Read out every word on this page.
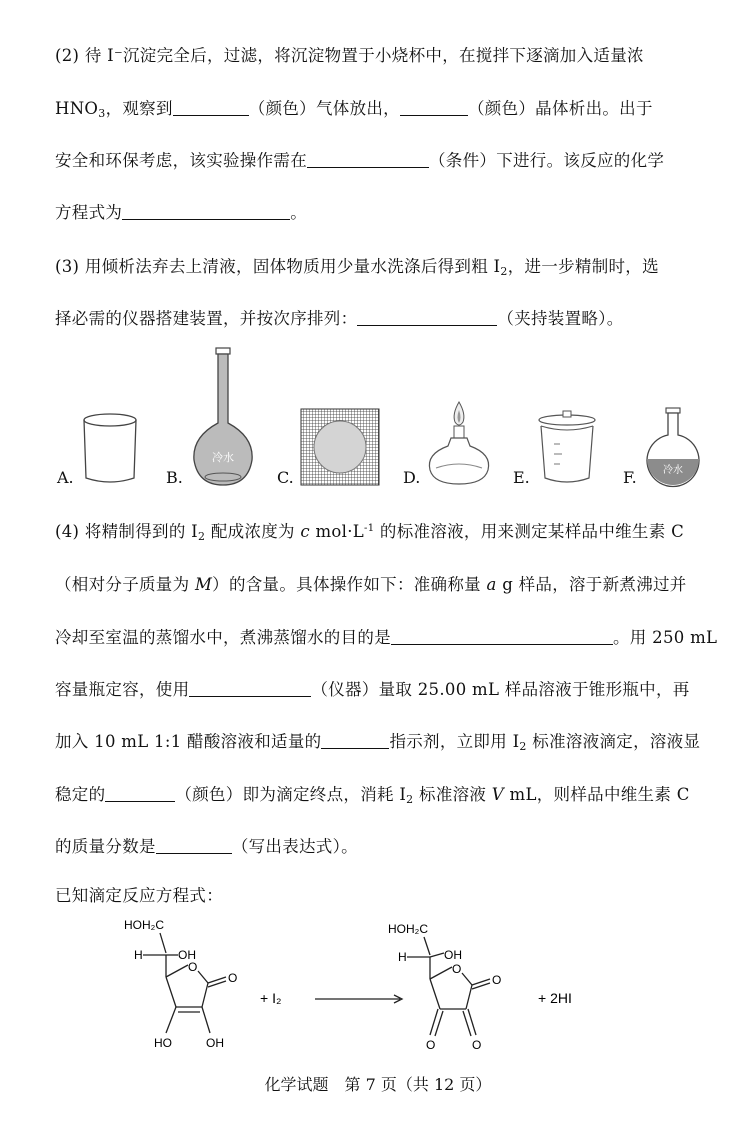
(2) 待 I⁻沉淀完全后，过滤，将沉淀物置于小烧杯中，在搅拌下逐滴加入适量浓
$HNO_3$，观察到	（颜色）气体放出，	（颜色）晶体析出。出于
安全和环保考虑，该实验操作需在	（条件）下进行。该反应的化学
方程式为	。
(3) 用倾析法弃去上清液，固体物质用少量水洗涤后得到粗 $I_2$，进一步精制时，选
择必需的仪器搭建装置，并按次序排列：	（夹持装置略）。
A.	B.
冷水
C.	D.	E.	F.	冷水
(4) 将精制得到的 $I_2$ 配成浓度为 c $mol\cdot L^{-1}$ 的标准溶液，用来测定某样品中维生素 C
（相对分子质量为 M）的含量。具体操作如下：准确称量 a g 样品，溶于新煮沸过并
冷却至室温的蒸馏水中，煮沸蒸馏水的目的是	。用 250 mL
容量瓶定容，使用	（仪器）量取 25.00 mL 样品溶液于锥形瓶中，再
加入 10 mL 1:1 醋酸溶液和适量的	指示剂，立即用 $I_2$ 标准溶液滴定，溶液显
稳定的	（颜色）即为滴定终点，消耗 $I_2$ 标准溶液 V mL，则样品中维生素 C
的质量分数是	（写出表达式）。
已知滴定反应方程式：
HOH₂C
H	OH
O
O
HO	OH
+ I₂
HOH₂C
H	OH
O
O
O	O
+ 2HI
化学试题　第 7 页（共 12 页）
